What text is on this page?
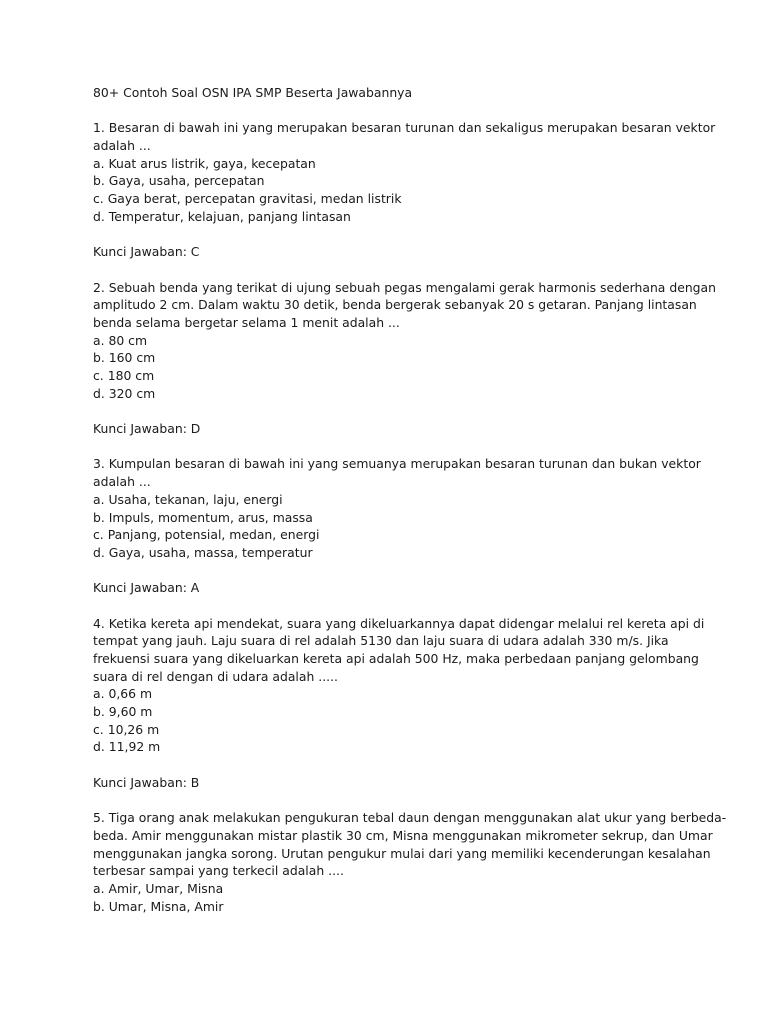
80+ Contoh Soal OSN IPA SMP Beserta Jawabannya
1. Besaran di bawah ini yang merupakan besaran turunan dan sekaligus merupakan besaran vektor
adalah ...
a. Kuat arus listrik, gaya, kecepatan
b. Gaya, usaha, percepatan
c. Gaya berat, percepatan gravitasi, medan listrik
d. Temperatur, kelajuan, panjang lintasan
Kunci Jawaban: C
2. Sebuah benda yang terikat di ujung sebuah pegas mengalami gerak harmonis sederhana dengan
amplitudo 2 cm. Dalam waktu 30 detik, benda bergerak sebanyak 20 s getaran. Panjang lintasan
benda selama bergetar selama 1 menit adalah ...
a. 80 cm
b. 160 cm
c. 180 cm
d. 320 cm
Kunci Jawaban: D
3. Kumpulan besaran di bawah ini yang semuanya merupakan besaran turunan dan bukan vektor
adalah ...
a. Usaha, tekanan, laju, energi
b. Impuls, momentum, arus, massa
c. Panjang, potensial, medan, energi
d. Gaya, usaha, massa, temperatur
Kunci Jawaban: A
4. Ketika kereta api mendekat, suara yang dikeluarkannya dapat didengar melalui rel kereta api di
tempat yang jauh. Laju suara di rel adalah 5130 dan laju suara di udara adalah 330 m/s. Jika
frekuensi suara yang dikeluarkan kereta api adalah 500 Hz, maka perbedaan panjang gelombang
suara di rel dengan di udara adalah .....
a. 0,66 m
b. 9,60 m
c. 10,26 m
d. 11,92 m
Kunci Jawaban: B
5. Tiga orang anak melakukan pengukuran tebal daun dengan menggunakan alat ukur yang berbeda-
beda. Amir menggunakan mistar plastik 30 cm, Misna menggunakan mikrometer sekrup, dan Umar
menggunakan jangka sorong. Urutan pengukur mulai dari yang memiliki kecenderungan kesalahan
terbesar sampai yang terkecil adalah ....
a. Amir, Umar, Misna
b. Umar, Misna, Amir
